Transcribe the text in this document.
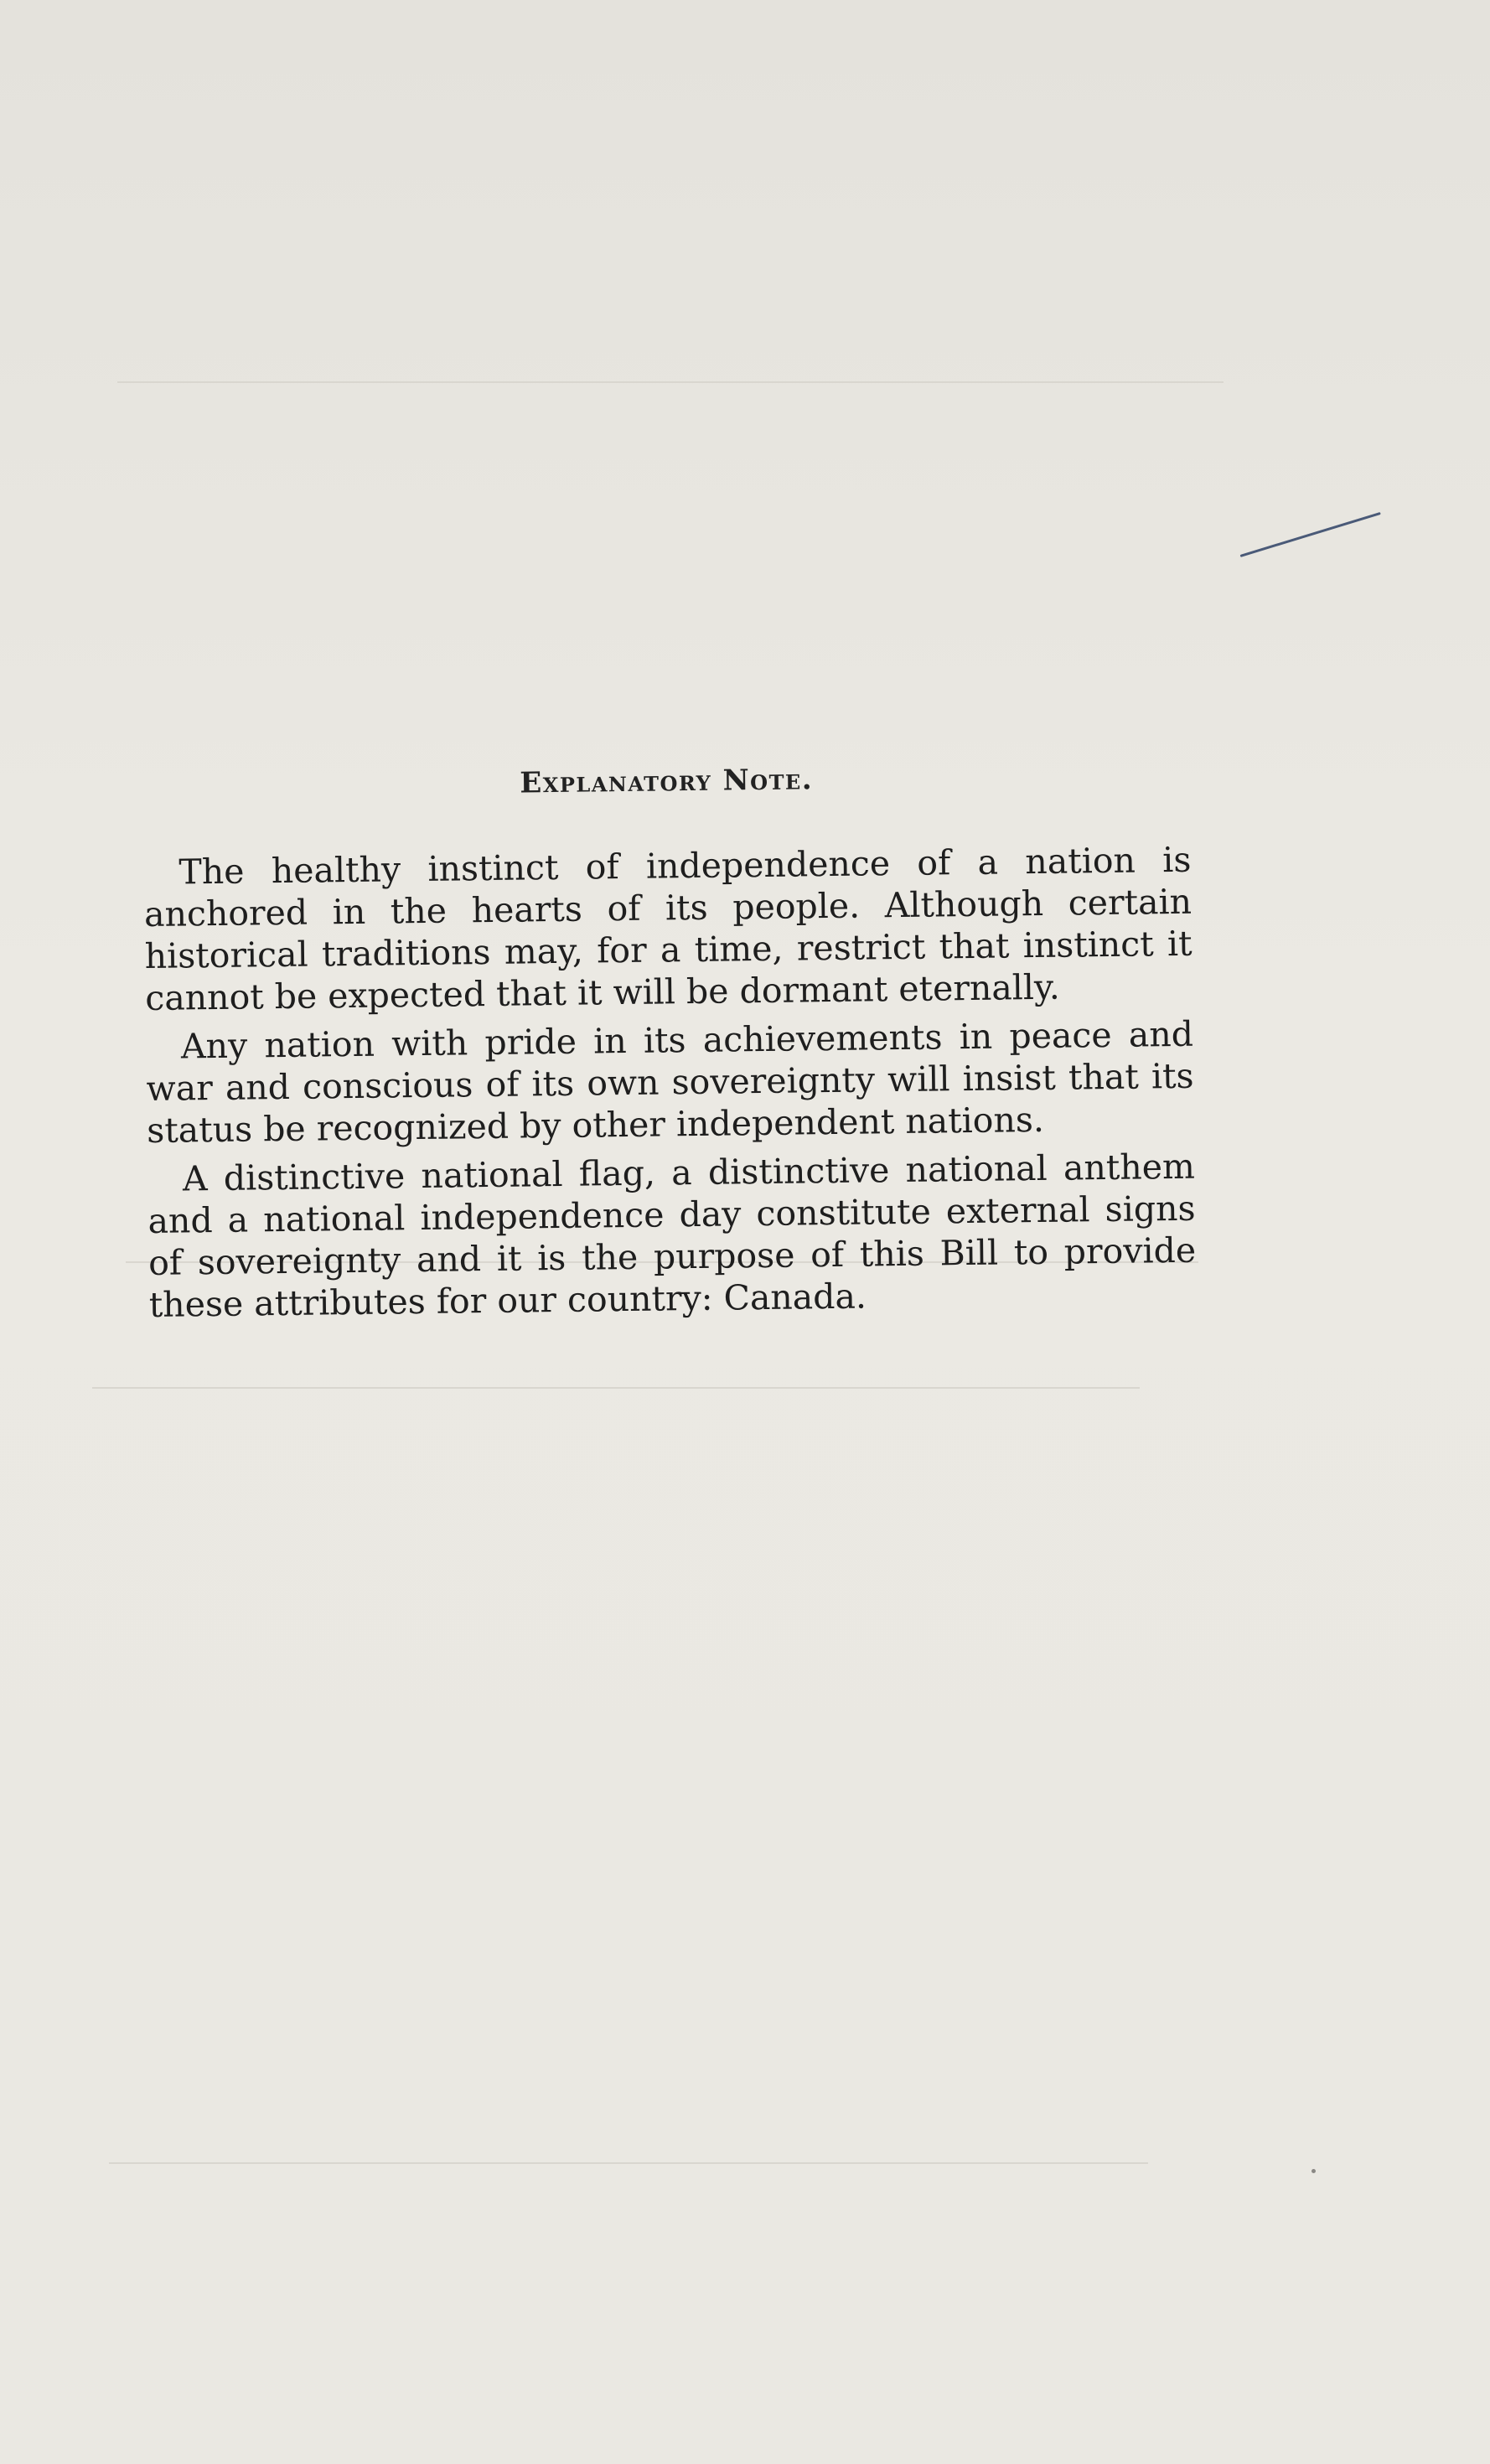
Explanatory Note.

The healthy instinct of independence of a nation is anchored in the hearts of its people. Although certain historical traditions may, for a time, restrict that instinct it cannot be expected that it will be dormant eternally.

Any nation with pride in its achievements in peace and war and conscious of its own sovereignty will insist that its status be recognized by other independent nations.

A distinctive national flag, a distinctive national anthem and a national independence day constitute external signs of sovereignty and it is the purpose of this Bill to provide these attributes for our country: Canada.
